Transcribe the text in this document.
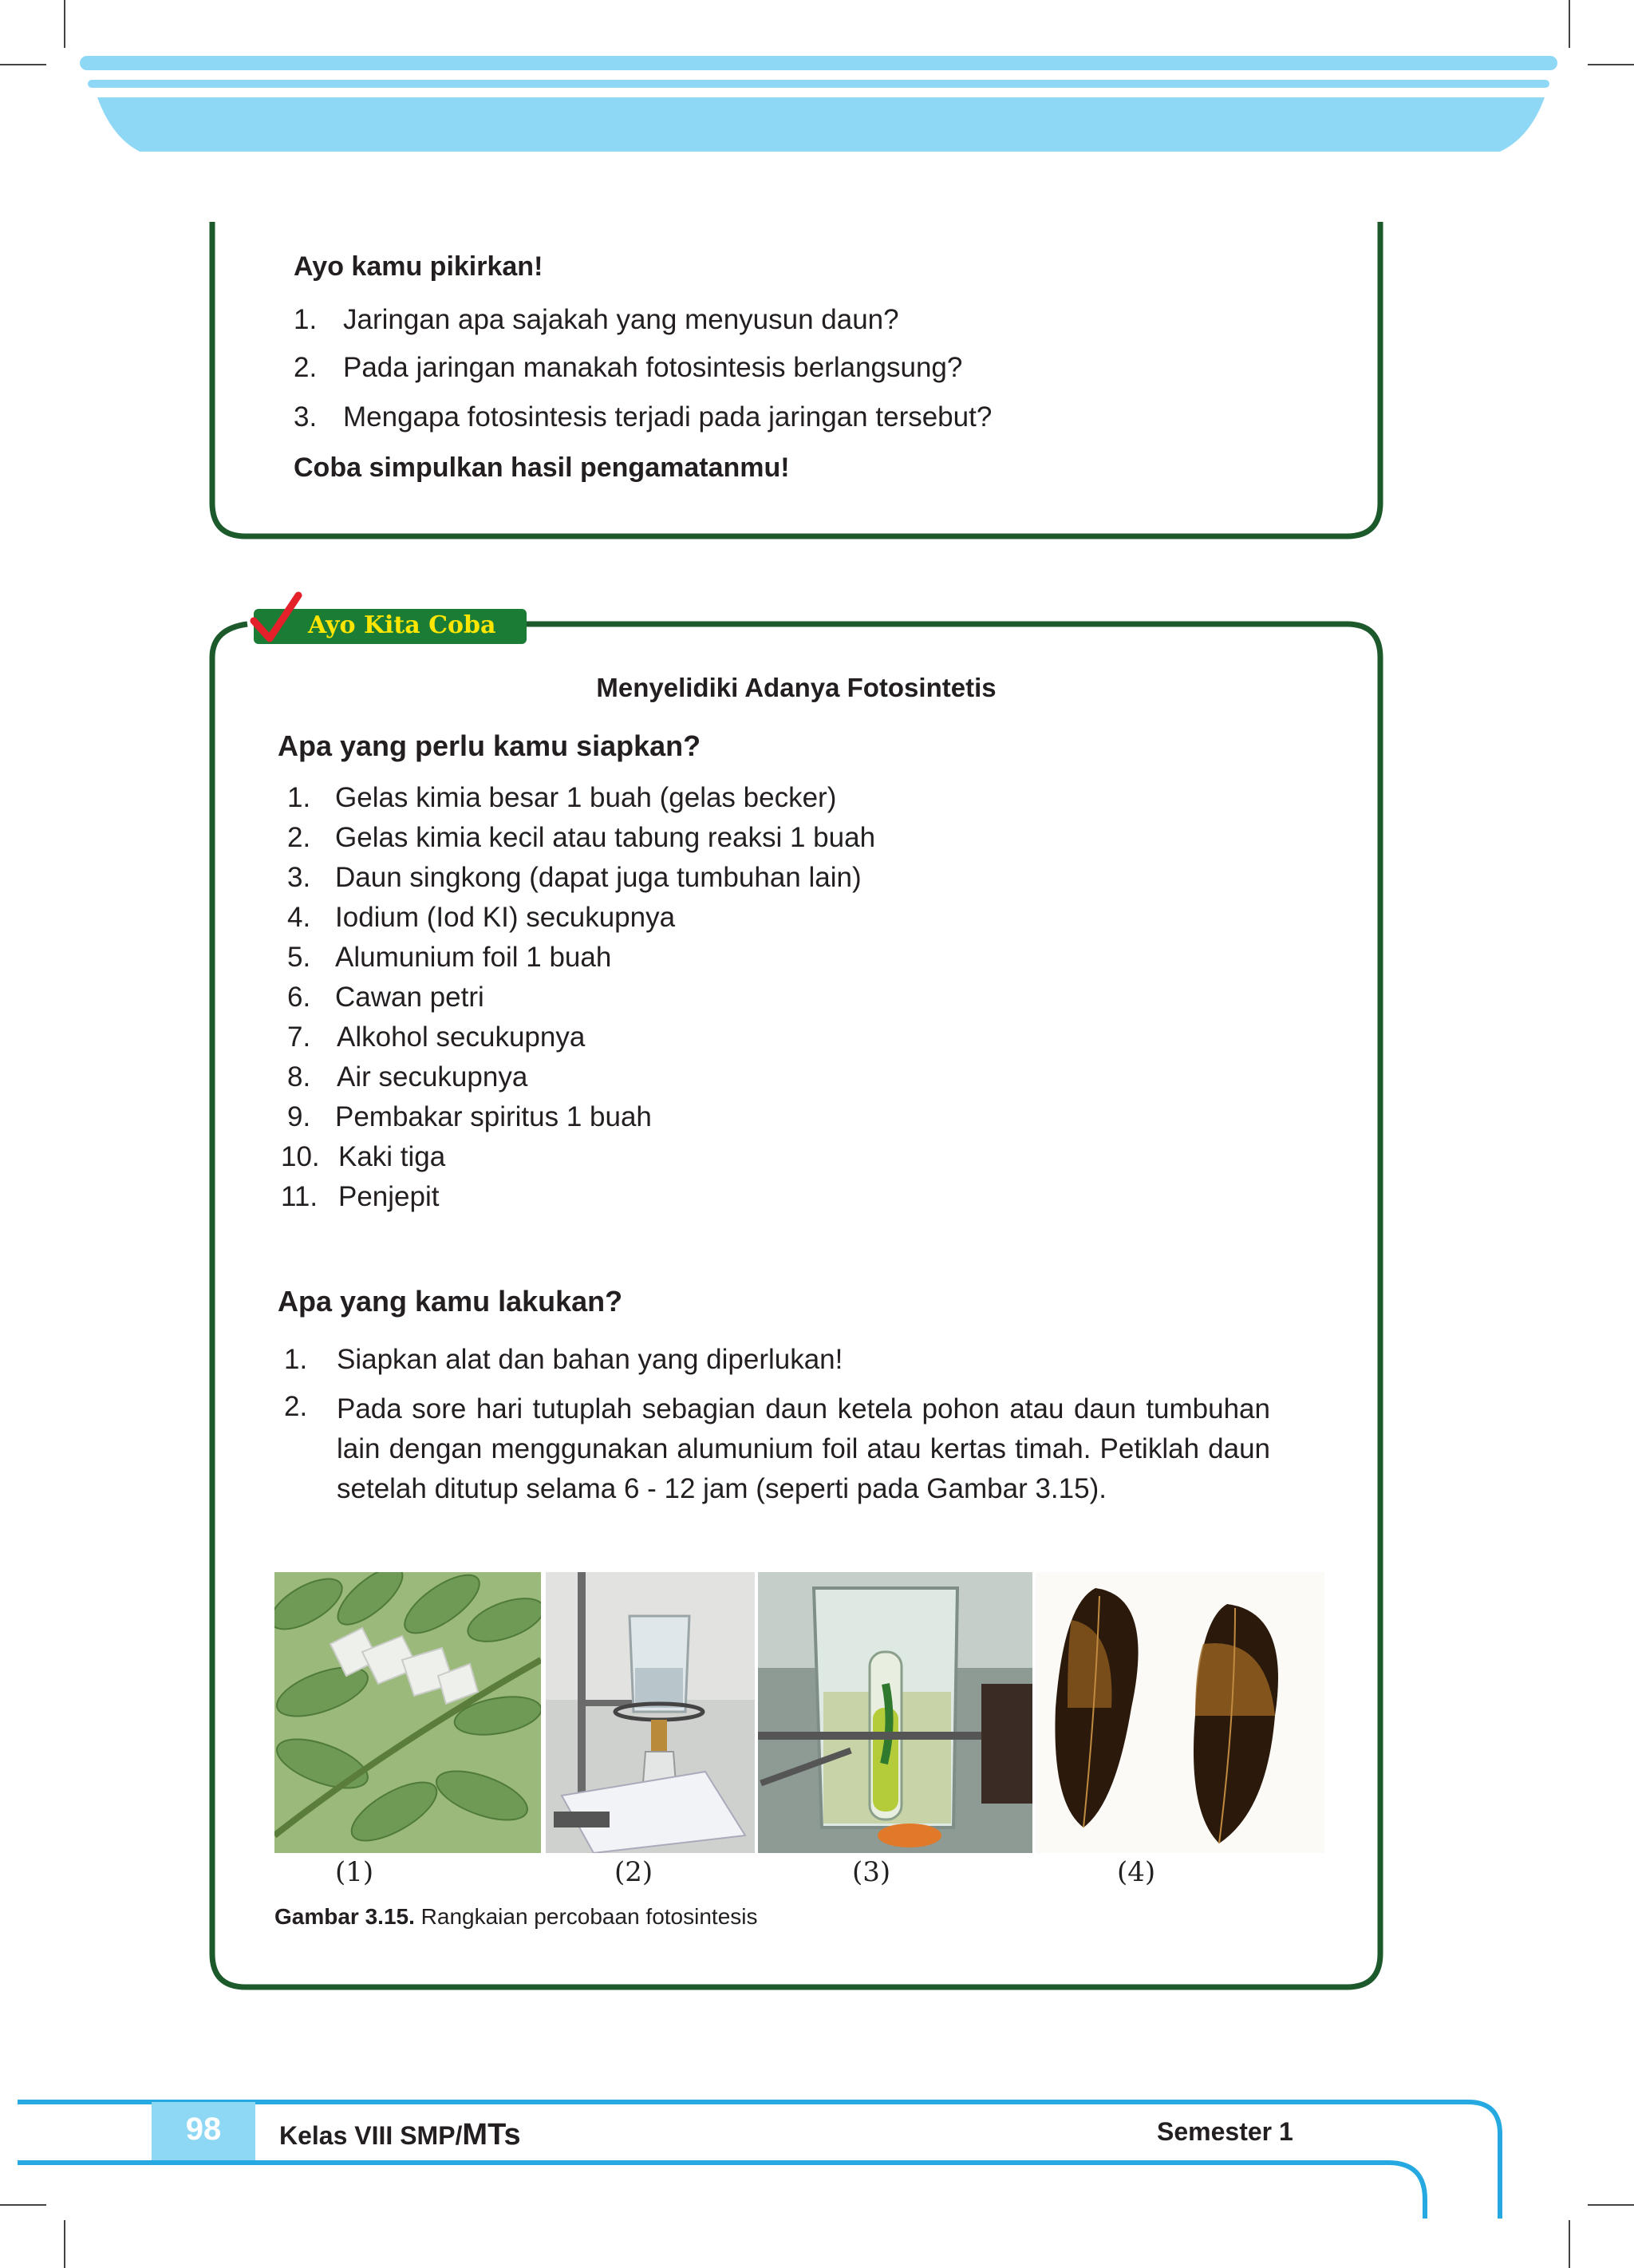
Ayo kamu pikirkan!
1. Jaringan apa sajakah yang menyusun daun?
2. Pada jaringan manakah fotosintesis berlangsung?
3. Mengapa fotosintesis terjadi pada jaringan tersebut?
Coba simpulkan hasil pengamatanmu!
Ayo Kita Coba
Menyelidiki Adanya Fotosintetis
Apa yang perlu kamu siapkan?
1. Gelas kimia besar 1 buah (gelas becker)
2. Gelas kimia kecil atau tabung reaksi 1 buah
3. Daun singkong (dapat juga tumbuhan lain)
4. Iodium (Iod KI) secukupnya
5. Alumunium foil 1 buah
6. Cawan petri
7. Alkohol secukupnya
8. Air secukupnya
9. Pembakar spiritus 1 buah
10. Kaki tiga
11. Penjepit
Apa yang kamu lakukan?
1. Siapkan alat dan bahan yang diperlukan!
2. Pada sore hari tutuplah sebagian daun ketela pohon atau daun tumbuhan lain dengan menggunakan alumunium foil atau kertas timah. Petiklah daun setelah ditutup selama 6 - 12 jam (seperti pada Gambar 3.15).
(1)	(2)	(3)	(4)
Gambar 3.15. Rangkaian percobaan fotosintesis
98	Kelas VIII SMP/MTs	Semester 1
